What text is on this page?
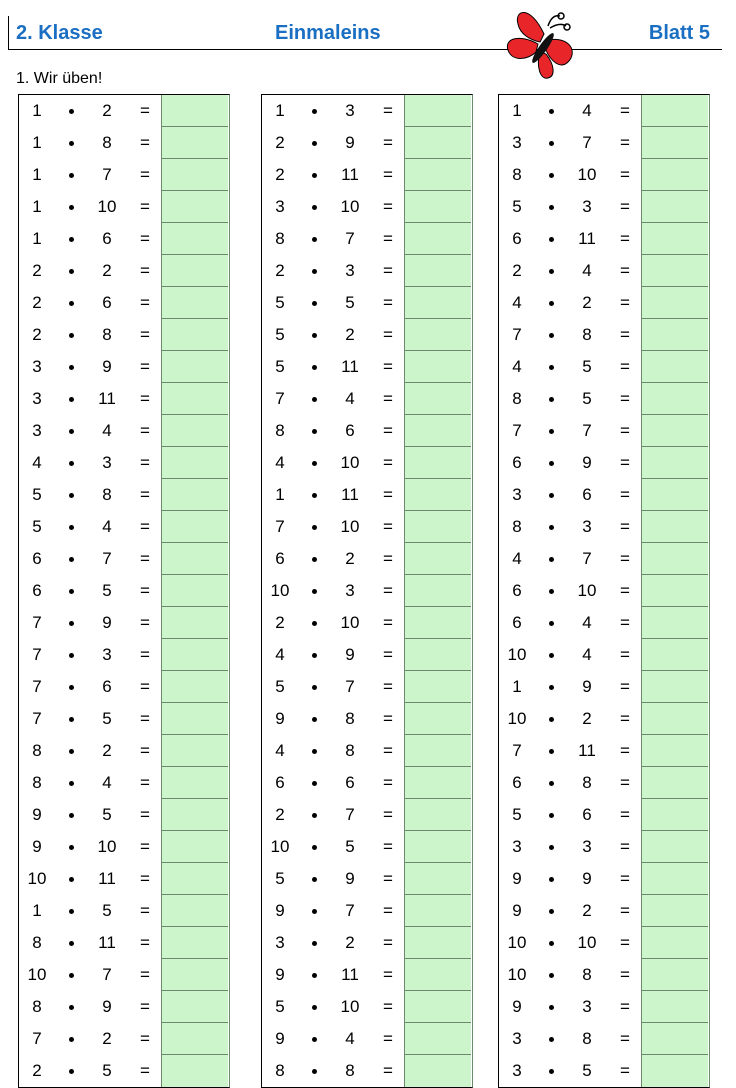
2. Klasse	Einmaleins	Blatt 5
1. Wir üben!
1	2	=
1	8	=
1	7	=
1	10	=
1	6	=
2	2	=
2	6	=
2	8	=
3	9	=
3	11	=
3	4	=
4	3	=
5	8	=
5	4	=
6	7	=
6	5	=
7	9	=
7	3	=
7	6	=
7	5	=
8	2	=
8	4	=
9	5	=
9	10	=
10	11	=
1	5	=
8	11	=
10	7	=
8	9	=
7	2	=
2	5	=
1	3	=
2	9	=
2	11	=
3	10	=
8	7	=
2	3	=
5	5	=
5	2	=
5	11	=
7	4	=
8	6	=
4	10	=
1	11	=
7	10	=
6	2	=
10	3	=
2	10	=
4	9	=
5	7	=
9	8	=
4	8	=
6	6	=
2	7	=
10	5	=
5	9	=
9	7	=
3	2	=
9	11	=
5	10	=
9	4	=
8	8	=
1	4	=
3	7	=
8	10	=
5	3	=
6	11	=
2	4	=
4	2	=
7	8	=
4	5	=
8	5	=
7	7	=
6	9	=
3	6	=
8	3	=
4	7	=
6	10	=
6	4	=
10	4	=
1	9	=
10	2	=
7	11	=
6	8	=
5	6	=
3	3	=
9	9	=
9	2	=
10	10	=
10	8	=
9	3	=
3	8	=
3	5	=
